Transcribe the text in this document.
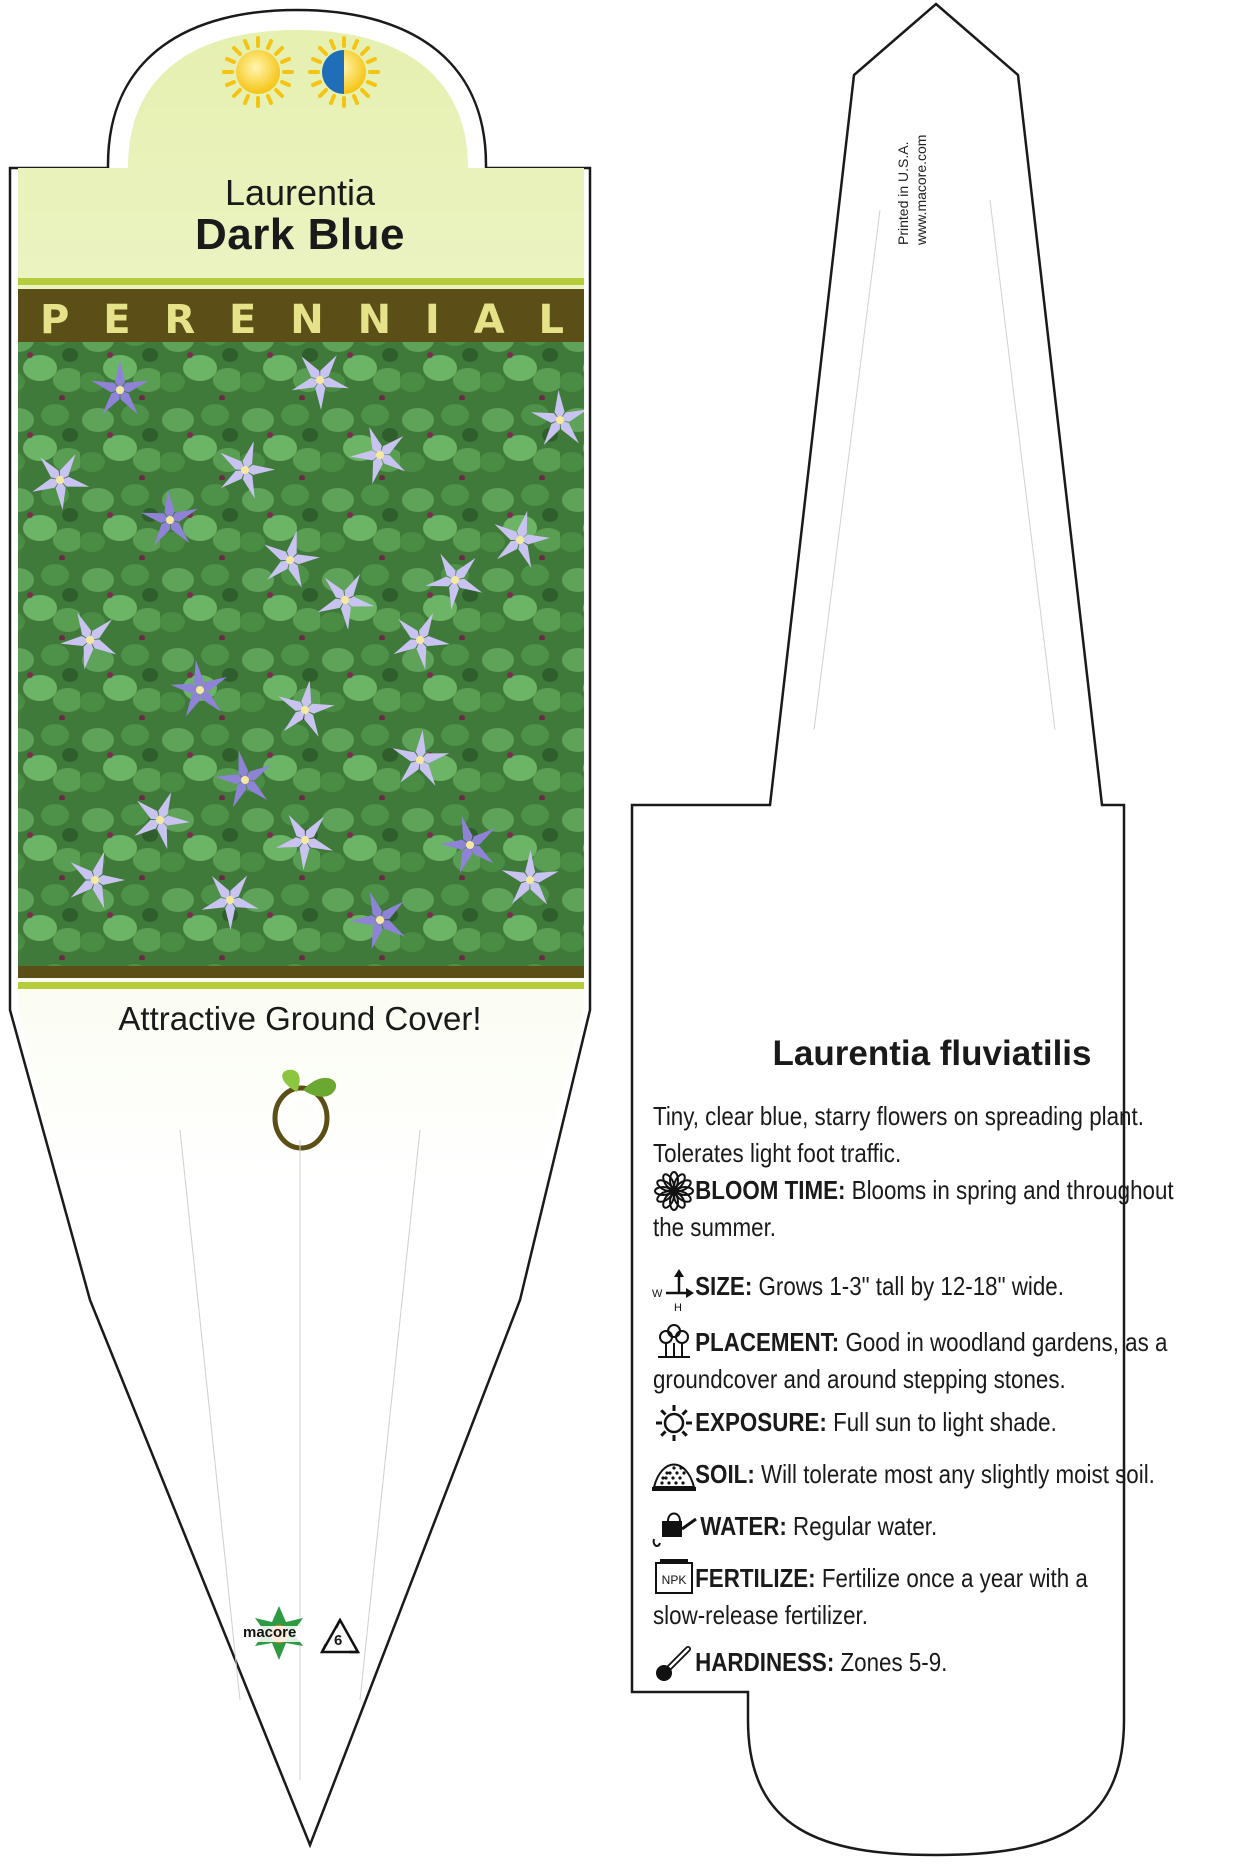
W
H
NPK
Laurentia
Dark Blue
P E R E N N I A L
Attractive Ground Cover!
macore	6
Printed in U.S.A. www.macore.com
Laurentia fluviatilis
Tiny, clear blue, starry flowers on spreading plant.
Tolerates light foot traffic.
BLOOM TIME: Blooms in spring and throughout
the summer.
SIZE: Grows 1-3" tall by 12-18" wide.
PLACEMENT: Good in woodland gardens, as a
groundcover and around stepping stones.
EXPOSURE: Full sun to light shade.
SOIL: Will tolerate most any slightly moist soil.
WATER: Regular water.
FERTILIZE: Fertilize once a year with a
slow-release fertilizer.
HARDINESS: Zones 5-9.
